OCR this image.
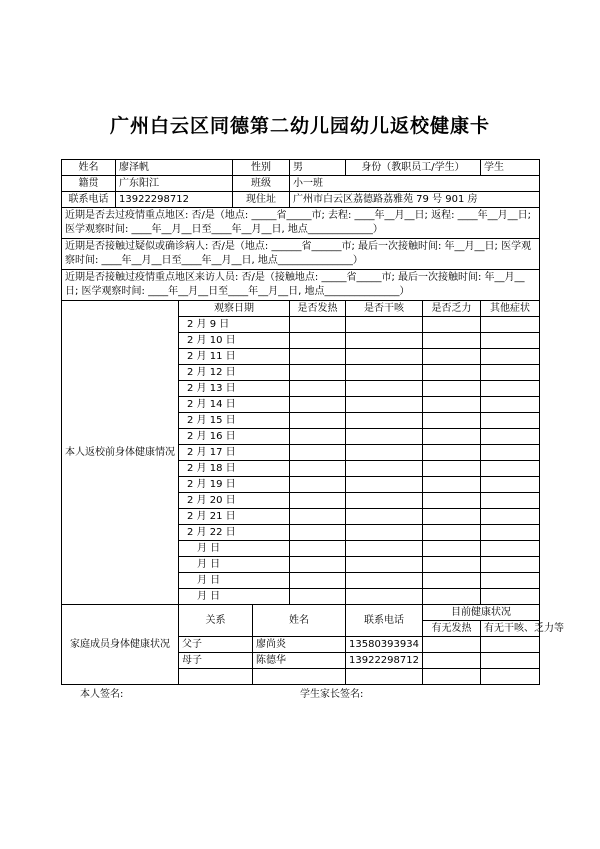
广州白云区同德第二幼儿园幼儿返校健康卡
姓名	廖泽帆		性别		男	身份（教职员工/学生）		学生
籍贯	广东阳江		班级		小一班			
联系电话	13922298712		现住址		广州市白云区荔德路荔雅苑 79 号 901 房			
近期是否去过疫情重点地区: 否/是（地点: _____省_____市; 去程: ____年__月__日; 返程: ____年__月__日; 医学观察时间: ____年__月__日至____年__月__日, 地点_____________）								
近期是否接触过疑似或确诊病人: 否/是（地点: ______省______市; 最后一次接触时间: 年__月__日; 医学观察时间: ____年__月__日至____年__月__日, 地点_______________）								
近期是否接触过疫情重点地区来访人员: 否/是（接触地点: _____省_____市; 最后一次接触时间: 年__月__日; 医学观察时间: ____年__月__日至____年__月__日, 地点_______________）								
本人返校前身体健康情况		观察日期			是否发热	是否干咳	是否乏力	其他症状
		2 月 9 日						
		2 月 10 日						
		2 月 11 日						
		2 月 12 日						
		2 月 13 日						
		2 月 14 日						
		2 月 15 日						
		2 月 16 日						
		2 月 17 日						
		2 月 18 日						
		2 月 19 日						
		2 月 20 日						
		2 月 21 日						
		2 月 22 日						
		月 日						
		月 日						
		月 日						
		月 日						
家庭成员身体健康状况		关系		姓名		联系电话	目前健康状况	
							有无发热	有无干咳、乏力等
		父子		廖尚炎		13580393934		
		母子		陈德华		13922298712		

本人签名:	学生家长签名:
